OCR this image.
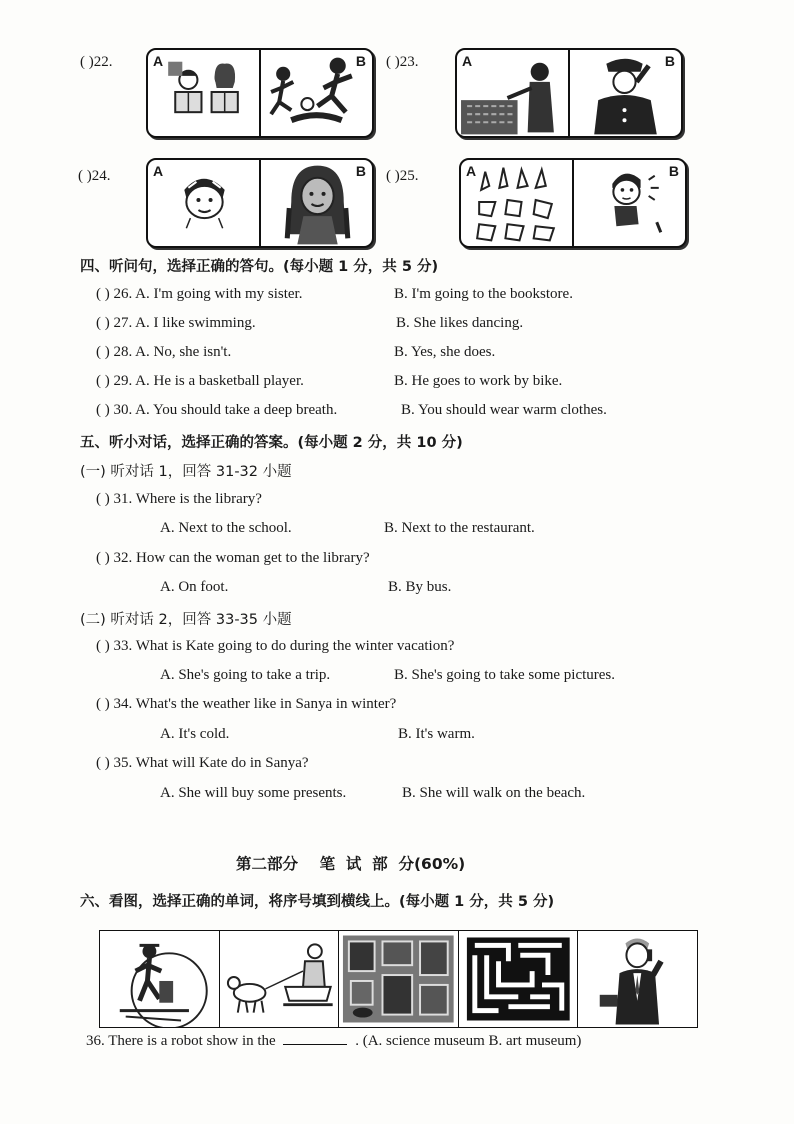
( )22.	A	B ( )23.	A	B
( )24.	A	B ( )25.	A	B
四、听问句，选择正确的答句。(每小题 1 分，共 5 分)
( ) 26. A. I'm going with my sister.	B. I'm going to the bookstore.
( ) 27. A. I like swimming.	B. She likes dancing.
( ) 28. A. No, she isn't.	B. Yes, she does.
( ) 29. A. He is a basketball player.	B. He goes to work by bike.
( ) 30. A. You should take a deep breath.	B. You should wear warm clothes.
五、听小对话，选择正确的答案。(每小题 2 分，共 10 分)
(一) 听对话 1，回答 31-32 小题
( ) 31. Where is the library?
A. Next to the school.	B. Next to the restaurant.
( ) 32. How can the woman get to the library?
A. On foot.	B. By bus.
(二) 听对话 2，回答 33-35 小题
( ) 33. What is Kate going to do during the winter vacation?
A. She's going to take a trip.	B. She's going to take some pictures.
( ) 34. What's the weather like in Sanya in winter?
A. It's cold.	B. It's warm.
( ) 35. What will Kate do in Sanya?
A. She will buy some presents.	B. She will walk on the beach.
第二部分    笔  试  部  分(60%)
六、看图，选择正确的单词，将序号填到横线上。(每小题 1 分，共 5 分)
36. There is a robot show in the	. (A. science museum B. art museum)
